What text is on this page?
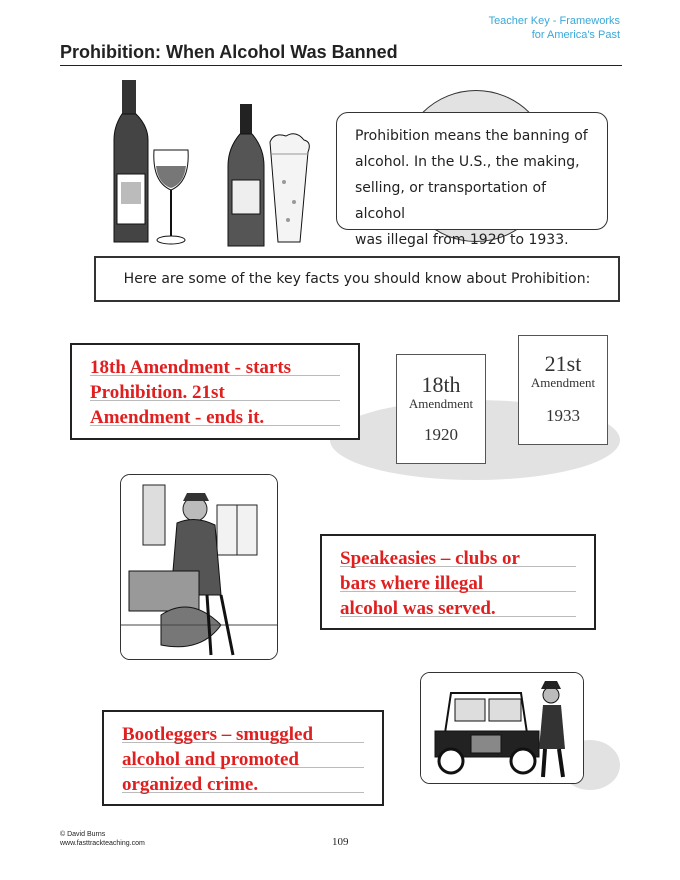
Teacher Key - Frameworks
for America's Past
Prohibition: When Alcohol Was Banned
Prohibition means the banning of
alcohol. In the U.S., the making,
selling, or transportation of alcohol
was illegal from 1920 to 1933.
Here are some of the key facts you should know about Prohibition:
18th Amendment - starts
Prohibition. 21st
Amendment - ends it.
18th
Amendment
1920
21st
Amendment
1933
Speakeasies – clubs or
bars where illegal
alcohol was served.
Bootleggers – smuggled
alcohol and promoted
organized crime.
© David Burns
www.fasttrackteaching.com	109
